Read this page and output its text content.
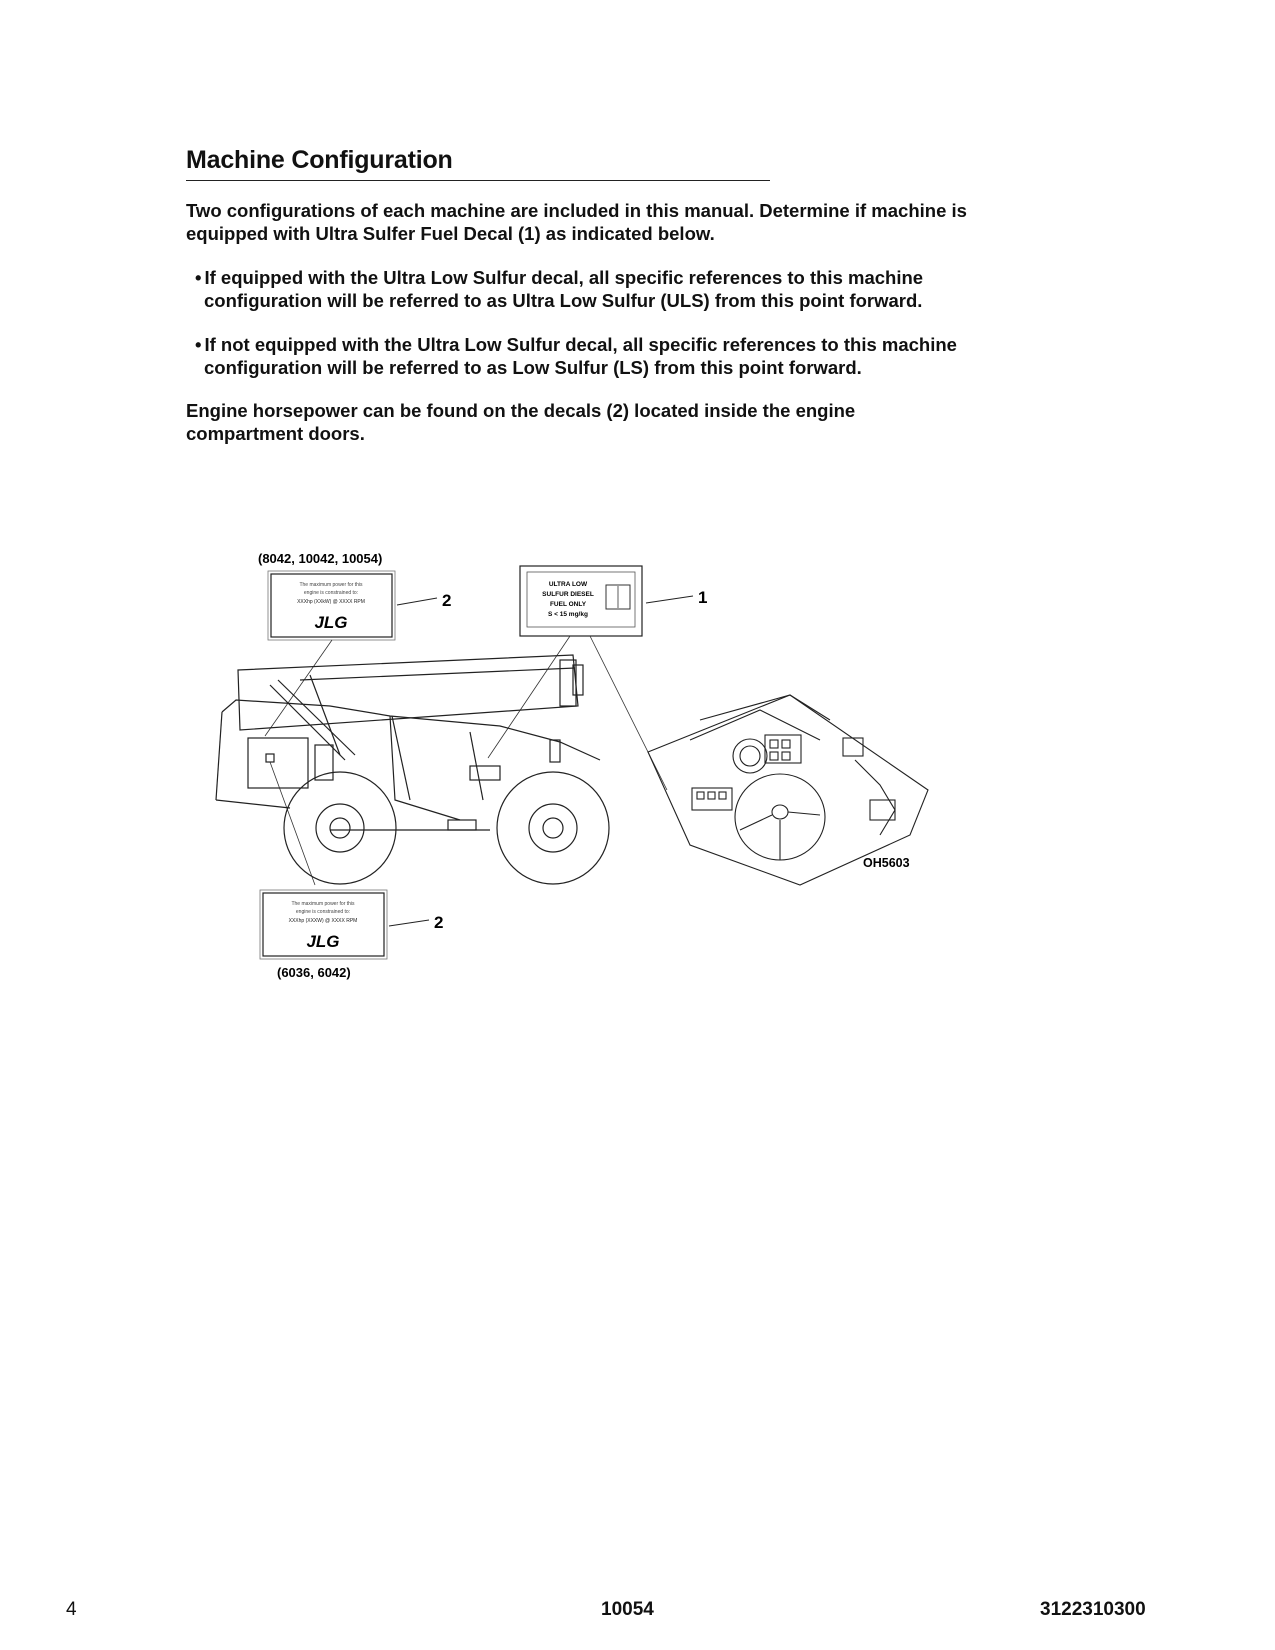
Machine Configuration
Two configurations of each machine are included in this manual. Determine if machine is equipped with Ultra Sulfer Fuel Decal (1) as indicated below.
• If equipped with the Ultra Low Sulfur decal, all specific references to this machine
configuration will be referred to as Ultra Low Sulfur (ULS) from this point forward.
• If not equipped with the Ultra Low Sulfur decal, all specific references to this machine
configuration will be referred to as Low Sulfur (LS) from this point forward.
Engine horsepower can be found on the decals (2) located inside the engine compartment doors.
(8042, 10042, 10054)
The maximum power for this
engine is constrained to:
XXXhp (XXkW) @ XXXX RPM
JLG
2
ULTRA LOW
SULFUR DIESEL
FUEL ONLY
S < 15 mg/kg
1
OH5603
The maximum power for this
engine is constrained to:
XXXhp (XXXW) @ XXXX RPM
JLG
2
(6036, 6042)
4	10054	3122310300
